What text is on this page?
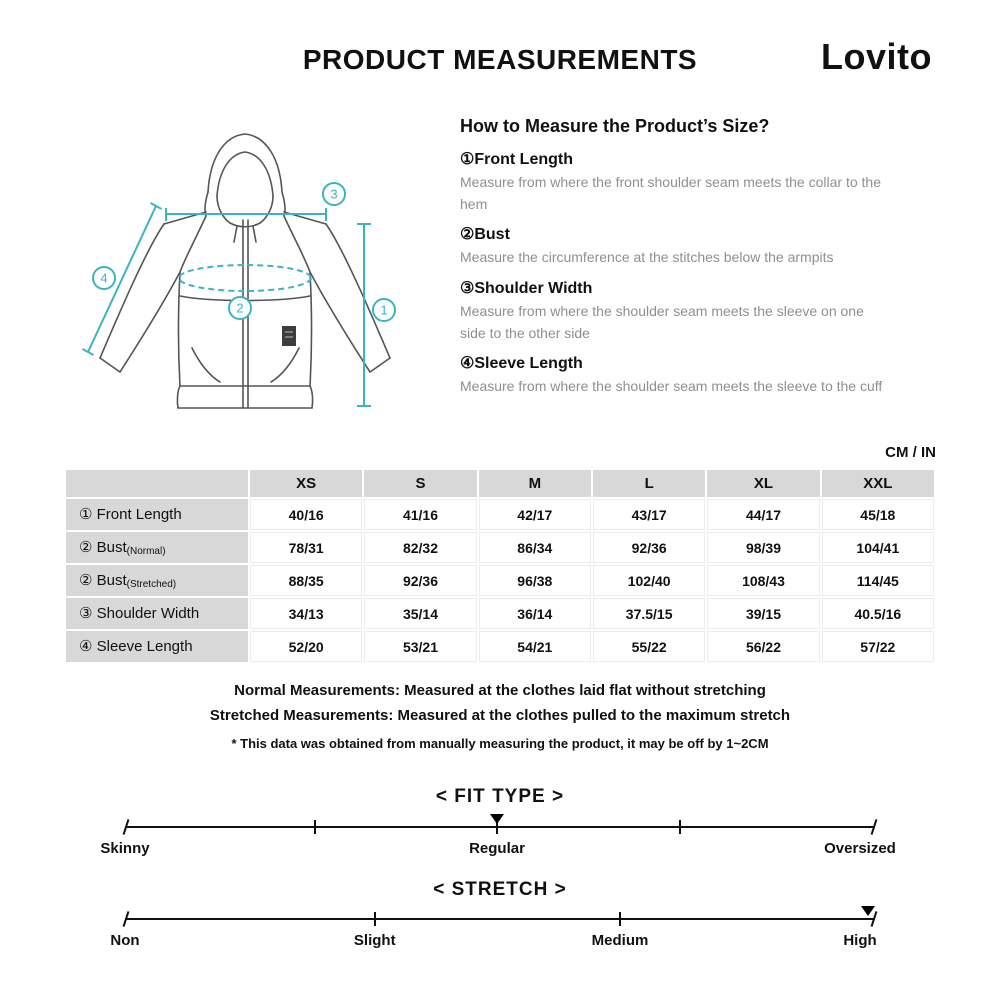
PRODUCT MEASUREMENTS	Lovito
1
2
3
4
How to Measure the Product’s Size?
①Front Length
Measure from where the front shoulder seam meets the collar to the hem
②Bust
Measure the circumference at the stitches below the armpits
③Shoulder Width
Measure from where the shoulder seam meets the sleeve on one side to the other side
④Sleeve Length
Measure from where the shoulder seam meets the sleeve to the cuff
CM / IN
	XS	S	M	L	XL	XXL
① Front Length	40/16	41/16	42/17	43/17	44/17	45/18
② Bust$_{(Normal)}$	78/31	82/32	86/34	92/36	98/39	104/41
② Bust$_{(Stretched)}$	88/35	92/36	96/38	102/40	108/43	114/45
③ Shoulder Width	34/13	35/14	36/14	37.5/15	39/15	40.5/16
④ Sleeve Length	52/20	53/21	54/21	55/22	56/22	57/22
Normal Measurements: Measured at the clothes laid flat without stretching
Stretched Measurements: Measured at the clothes pulled to the maximum stretch
* This data was obtained from manually measuring the product, it may be off by 1~2CM
< FIT TYPE >
Skinny	Regular	Oversized
< STRETCH >
Non	Slight	Medium	High
